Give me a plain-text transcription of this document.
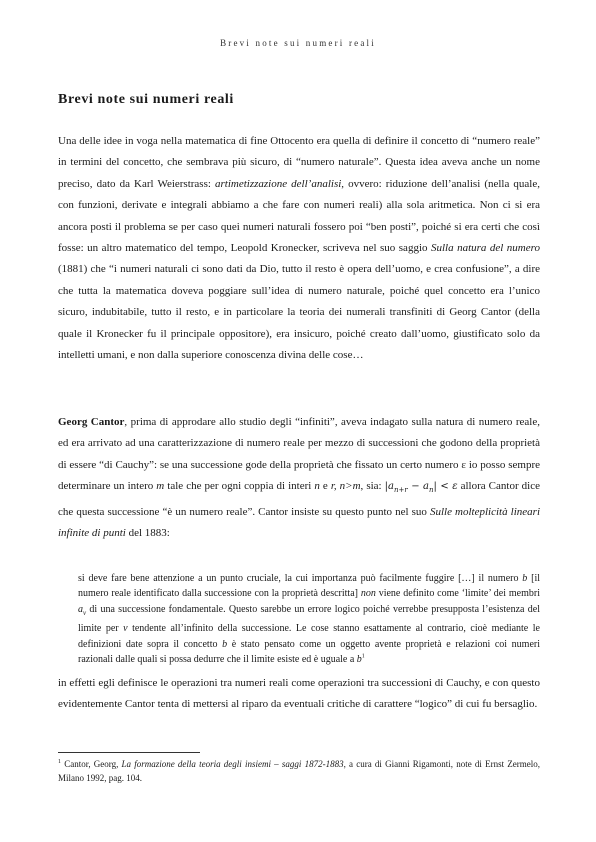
Brevi note sui numeri reali
Brevi note sui numeri reali

Una delle idee in voga nella matematica di fine Ottocento era quella di definire il concetto di “numero reale” in termini del concetto, che sembrava più sicuro, di “numero naturale”. Questa idea aveva anche un nome preciso, dato da Karl Weierstrass: artimetizzazione dell’analisi, ovvero: riduzione dell’analisi (nella quale, con funzioni, derivate e integrali abbiamo a che fare con numeri reali) alla sola aritmetica. Non ci si era ancora posti il problema se per caso quei numeri naturali fossero poi “ben posti”, poiché si era certi che così fosse: un altro matematico del tempo, Leopold Kronecker, scriveva nel suo saggio Sulla natura del numero (1881) che “i numeri naturali ci sono dati da Dio, tutto il resto è opera dell’uomo, e crea confusione”, a dire che tutta la matematica doveva poggiare sull’idea di numero naturale, poiché quel concetto era l’unico sicuro, indubitabile, tutto il resto, e in particolare la teoria dei numerali transfiniti di Georg Cantor (della quale il Kronecker fu il principale oppositore), era insicuro, poiché creato dall’uomo, giustificato solo da intelletti umani, e non dalla superiore conoscenza divina delle cose…

Georg Cantor, prima di approdare allo studio degli “infiniti”, aveva indagato sulla natura di numero reale, ed era arrivato ad una caratterizzazione di numero reale per mezzo di successioni che godono della proprietà di essere “di Cauchy”: se una successione gode della proprietà che fissato un certo numero ε io posso sempre determinare un intero m tale che per ogni coppia di interi n e r, n>m, sia: $|a_{n+r} - a_n| < \varepsilon$ allora Cantor dice che questa successione “è un numero reale”. Cantor insiste su questo punto nel suo Sulle molteplicità lineari infinite di punti del 1883:

si deve fare bene attenzione a un punto cruciale, la cui importanza può facilmente fuggire […] il numero b [il numero reale identificato dalla successione con la proprietà descritta] non viene definito come ‘limite’ dei membri $a_\nu$ di una successione fondamentale. Questo sarebbe un errore logico poiché verrebbe presupposta l’esistenza del limite per ν tendente all’infinito della successione. Le cose stanno esattamente al contrario, cioè mediante le definizioni date sopra il concetto b è stato pensato come un oggetto avente proprietà e relazioni coi numeri razionali dalle quali si possa dedurre che il limite esiste ed è uguale a $b^1$

in effetti egli definisce le operazioni tra numeri reali come operazioni tra successioni di Cauchy, e con questo evidentemente Cantor tenta di mettersi al riparo da eventuali critiche di carattere “logico” di cui fu bersaglio.

$^1$ Cantor, Georg, La formazione della teoria degli insiemi – saggi 1872-1883, a cura di Gianni Rigamonti, note di Ernst Zermelo, Milano 1992, pag. 104.
